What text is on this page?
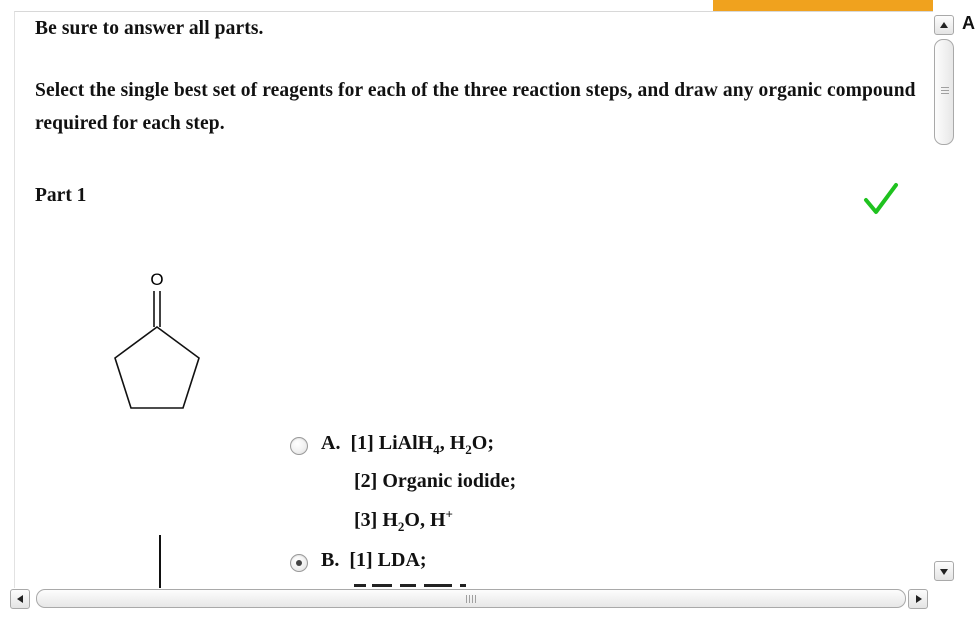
A
Be sure to answer all parts.
Select the single best set of reagents for each of the three reaction steps, and draw any organic compound required for each step.
Part 1
O
A. [1] LiAlH$_4$, $H_2O$;
[2] Organic iodide;
[3] $H_2O$, H+
B. [1] LDA;
